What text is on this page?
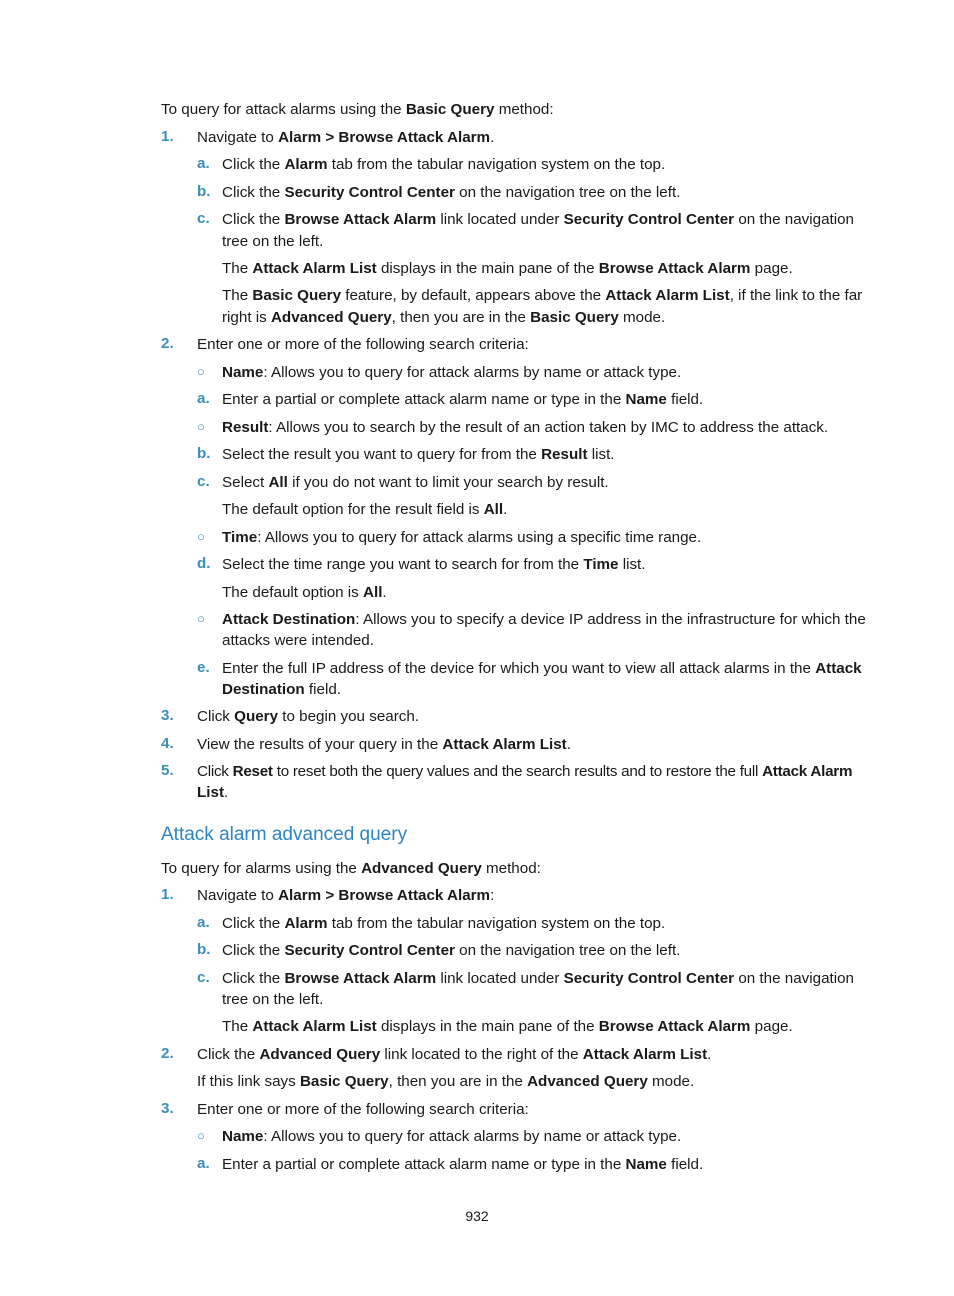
To query for attack alarms using the Basic Query method:
1. Navigate to Alarm > Browse Attack Alarm.
a. Click the Alarm tab from the tabular navigation system on the top.
b. Click the Security Control Center on the navigation tree on the left.
c. Click the Browse Attack Alarm link located under Security Control Center on the navigation
tree on the left.
The Attack Alarm List displays in the main pane of the Browse Attack Alarm page.
The Basic Query feature, by default, appears above the Attack Alarm List, if the link to the far
right is Advanced Query, then you are in the Basic Query mode.
2. Enter one or more of the following search criteria:
○ Name: Allows you to query for attack alarms by name or attack type.
a. Enter a partial or complete attack alarm name or type in the Name field.
○ Result: Allows you to search by the result of an action taken by IMC to address the attack.
b. Select the result you want to query for from the Result list.
c. Select All if you do not want to limit your search by result.
The default option for the result field is All.
○ Time: Allows you to query for attack alarms using a specific time range.
d. Select the time range you want to search for from the Time list.
The default option is All.
○ Attack Destination: Allows you to specify a device IP address in the infrastructure for which the
attacks were intended.
e. Enter the full IP address of the device for which you want to view all attack alarms in the Attack
Destination field.
3. Click Query to begin you search.
4. View the results of your query in the Attack Alarm List.
5. Click Reset to reset both the query values and the search results and to restore the full Attack Alarm
List.
Attack alarm advanced query
To query for alarms using the Advanced Query method:
1. Navigate to Alarm > Browse Attack Alarm:
a. Click the Alarm tab from the tabular navigation system on the top.
b. Click the Security Control Center on the navigation tree on the left.
c. Click the Browse Attack Alarm link located under Security Control Center on the navigation
tree on the left.
The Attack Alarm List displays in the main pane of the Browse Attack Alarm page.
2. Click the Advanced Query link located to the right of the Attack Alarm List.
If this link says Basic Query, then you are in the Advanced Query mode.
3. Enter one or more of the following search criteria:
○ Name: Allows you to query for attack alarms by name or attack type.
a. Enter a partial or complete attack alarm name or type in the Name field.
932
